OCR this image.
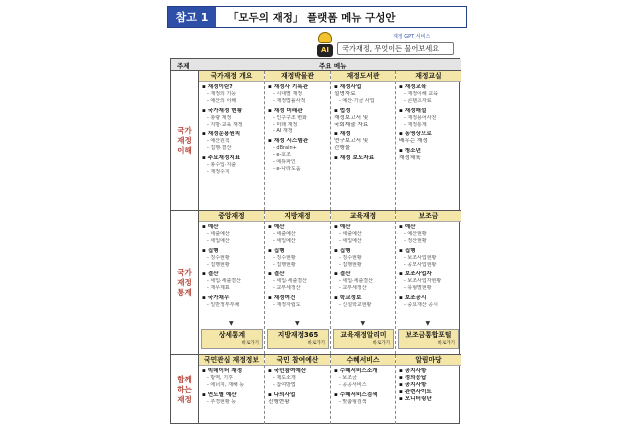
참고 1	「모두의 재정」 플랫폼 메뉴 구성안
AI
재정 GPT 서비스
국가재정, 무엇이든 물어보세요
주제	주요 메뉴
국가
재정
이해
국가재정 개요
▪ 재정이란?
- 재정의 기능
- 예산의 이해
▪ 국가재정 현황
- 총량 재정
- 지방·교육 재정
▪ 재정운용원칙
- 예산원칙
- 집행·결산
▪ 주요재정지표
- 총수입·지출
- 재정수지
재정박물관
▪ 재정사 기록관
- 시대별 재정
- 재정법률사적
▪ 재정 미래관
- 인구구조 변화
- 미래 재정
- AI 재정
▪ 재정 시스템관
- dBrain+
- e-호조
- 에듀파인
- e-나라도움
재정도서관
▪ 재정사업
설명자료
- 예산·기금 사업
▪ 법정
재정보고서 및
국회제출 자료
▪ 재정
연구보고서 및
간행물
▪ 재정 보도자료
재정교실
▪ 재정교육
- 재정이해 교육
- 콘텐츠자료
▪ 재정해설
- 재정용어사전
- 재정통계
▪ 동영상으로
배우는 재정
▪ 청소년
재정체육
국가
재정
통계
중앙재정
▪ 예산
- 세출예산
- 세입예산
▪ 집행
- 징수현황
- 집행현황
▪ 결산
- 세입·세출결산
- 재무제표
▪ 국가채무
- 일반정부부채
지방재정
▪ 예산
- 세출예산
- 세입예산
▪ 집행
- 징수현황
- 집행현황
▪ 결산
- 세입·세출결산
- 교부세정산
▪ 재정여건
- 재정자립도
교육재정
▪ 예산
- 세출예산
- 세입예산
▪ 집행
- 징수현황
- 집행현황
▪ 결산
- 세입·세출결산
- 교부세정산
▪ 학교정보
- 신설학교현황
보조금
▪ 예산
- 예산현황
- 정산현황
▪ 집행
- 보조사업현황
- 공모사업현황
▪ 보조사업자
- 보조사업자현황
- 유형별현황
▪ 보조공시
- 중요재산 공시
▼
상세통계
바로가기
▼
지방재정365
바로가기
▼
교육재정알리미
바로가기
▼
보조금통합포털
바로가기
함께
하는
재정
국민관심 재정정보
▪ 빅데이터 재정
- 방역, 기후
- 에너지, 재해 등
▪ 연도별 예산
- 추경현황 등
국민 참여예산
▪ 국민참여예산
- 제도소개
- 참여방법
▪ 나의사업
진행현황
수혜서비스
▪ 수혜서비스소개
- 보조금
- 공공서비스
▪ 수혜서비스검색
- 맞춤형검색
알림마당
▪ 공지사항
▪ 정의응답
▪ 공지사항
▪ 관련사이트
▪ 모니터링단
